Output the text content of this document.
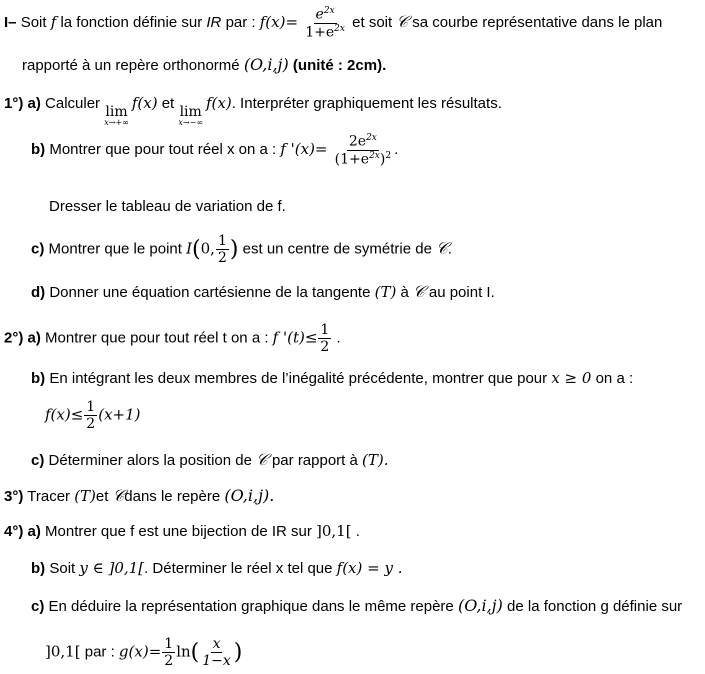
I– Soit f la fonction définie sur IR par : $f(x)= \frac{e^{2x}}{1+e^{2x}}$ et soit 𝒞 sa courbe représentative dans le plan
rapporté à un repère orthonormé (O,i,j) (unité : 2cm).
1°) a) Calculer lim
x→+∞
f(x) et lim
x→−∞
f(x). Interpréter graphiquement les résultats.
b) Montrer que pour tout réel x on a : f '$(x)= \frac{2e^{2x}}{(1+e^{2x})^2}$ .
Dresser le tableau de variation de f.
c) Montrer que le point I(0, $\frac{1}{2}$ ) est un centre de symétrie de 𝒞.
d) Donner une équation cartésienne de la tangente (T) à 𝒞 au point I.
2°) a) Montrer que pour tout réel t on a : f '$(t)\le \frac{1}{2}$ .
b) En intégrant les deux membres de l’inégalité précédente, montrer que pour x ≥ 0 on a :
$f(x)\le \frac{1}{2} (x+1)$
c) Déterminer alors la position de 𝒞 par rapport à (T).
3°) Tracer (T)et 𝒞dans le repère (O,i,j).
4°) a) Montrer que f est une bijection de IR sur ]0,1[ .
b) Soit y ∈ ]0,1[. Déterminer le réel x tel que f(x) = y .
c) En déduire la représentation graphique dans le même repère (O,i,j) de la fonction g définie sur
]0,1[ par : $g(x)= \frac{1}{2} \ln( \frac{x}{1-x}$ )
